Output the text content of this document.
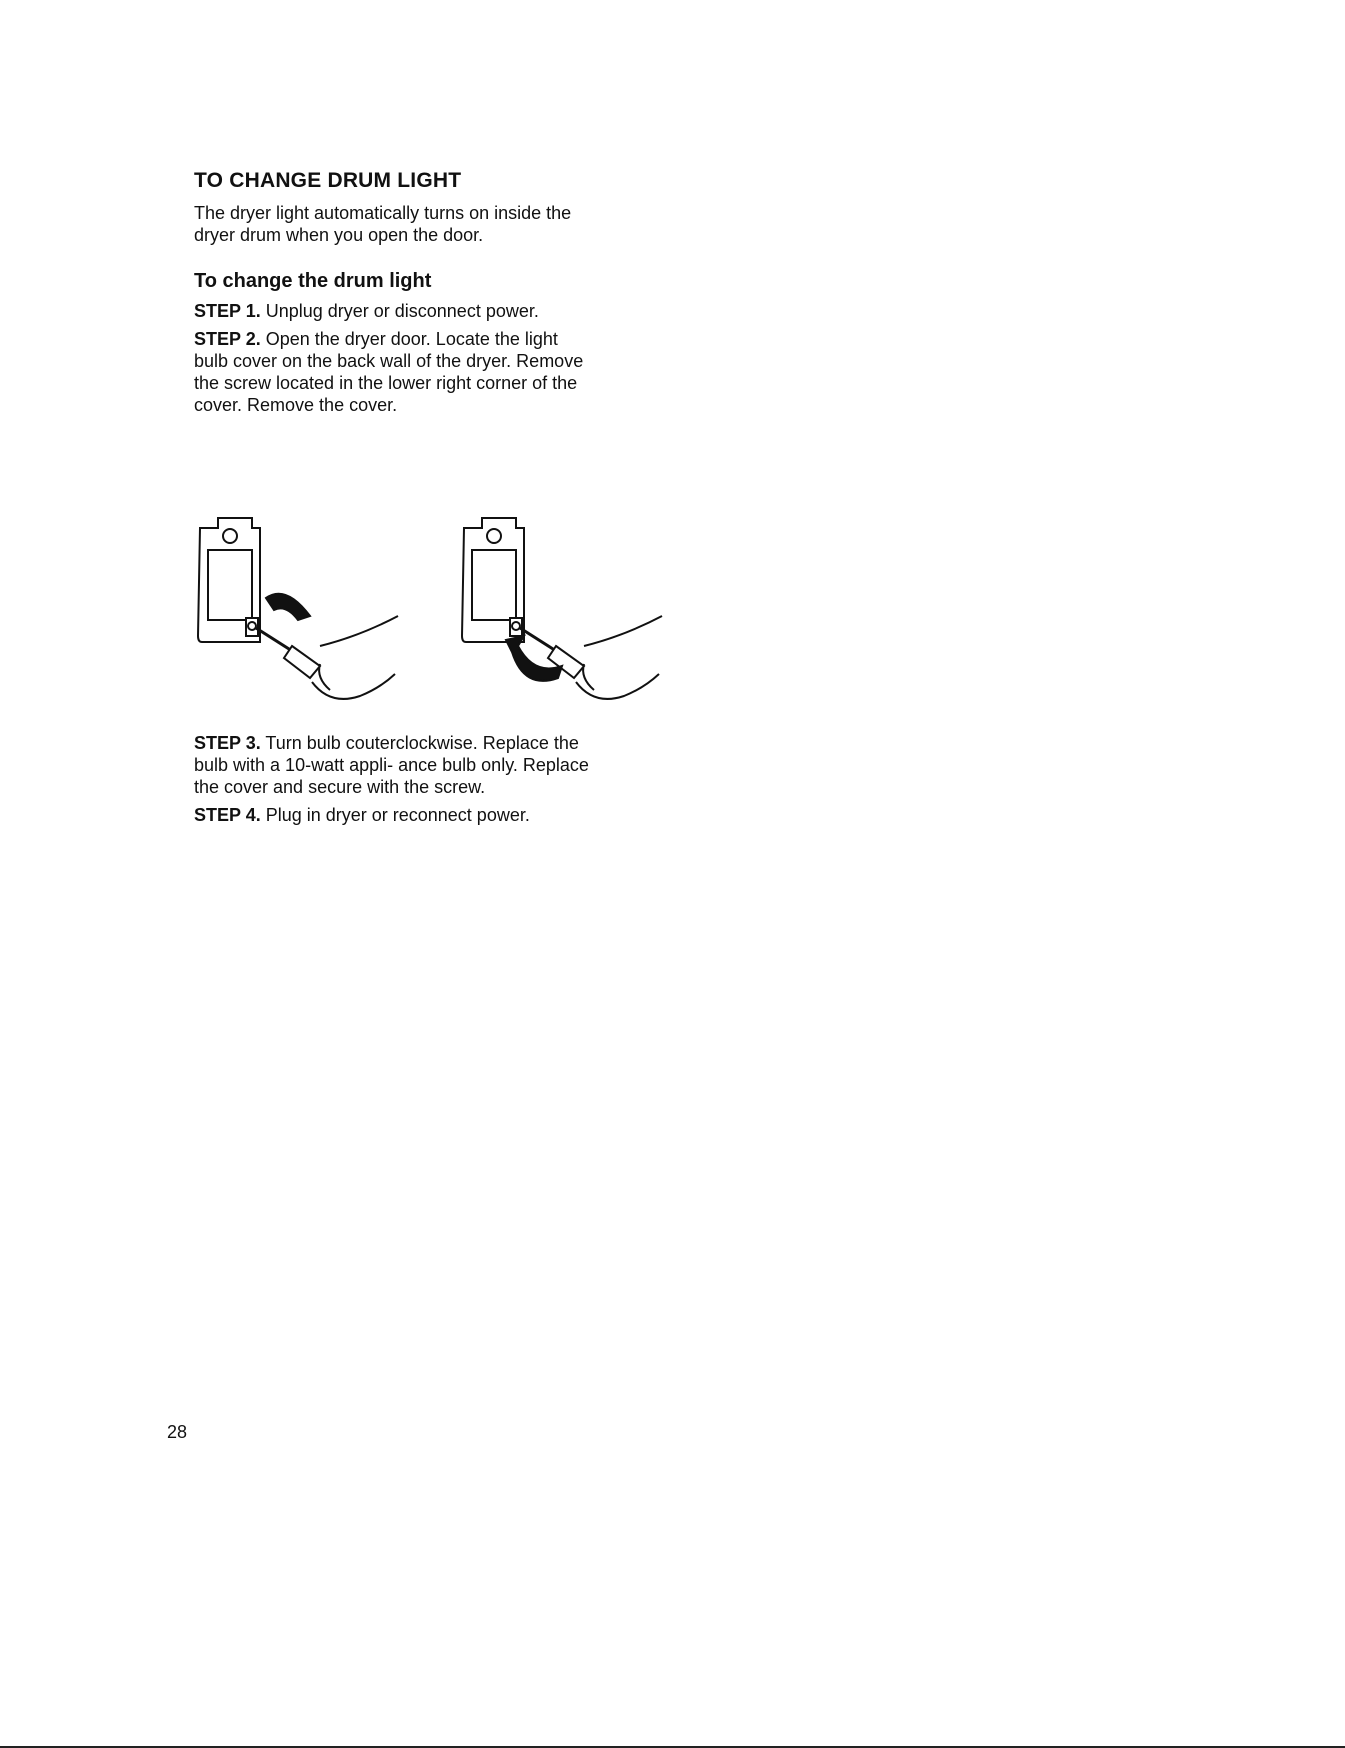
TO CHANGE DRUM LIGHT

The dryer light automatically turns on inside the dryer drum when you open the door.

To change the drum light

STEP 1. Unplug dryer or disconnect power.

STEP 2. Open the dryer door. Locate the light bulb cover on the back wall of the dryer. Remove the screw located in the lower right corner of the cover. Remove the cover.

STEP 3. Turn bulb couterclockwise. Replace the bulb with a 10-watt appli- ance bulb only. Replace the cover and secure with the screw.

STEP 4. Plug in dryer or reconnect power.

28
